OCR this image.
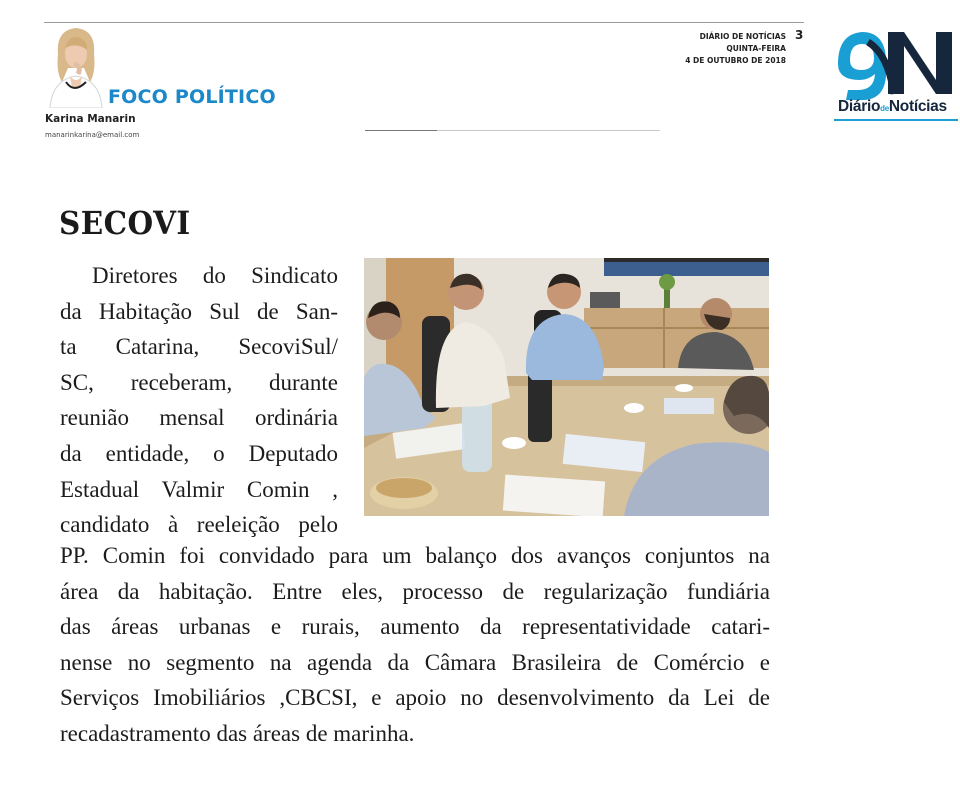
FOCO POLÍTICO
Karina Manarin
manarinkarina@email.com
DIÁRIO DE NOTÍCIAS
QUINTA-FEIRA
4 DE OUTUBRO DE 2018
3
DiáriodeNotícias
SECOVI
Diretores do Sindicato
da Habitação Sul de San-
ta Catarina, SecoviSul/
SC, receberam, durante
reunião mensal ordinária
da entidade, o Deputado
Estadual Valmir Comin ,
candidato à reeleição pelo
PP. Comin foi convidado para um balanço dos avanços conjuntos na
área da habitação. Entre eles, processo de regularização fundiária
das áreas urbanas e rurais, aumento da representatividade catari-
nense no segmento na agenda da Câmara Brasileira de Comércio e
Serviços Imobiliários ,CBCSI, e apoio no desenvolvimento da Lei de
recadastramento das áreas de marinha.
